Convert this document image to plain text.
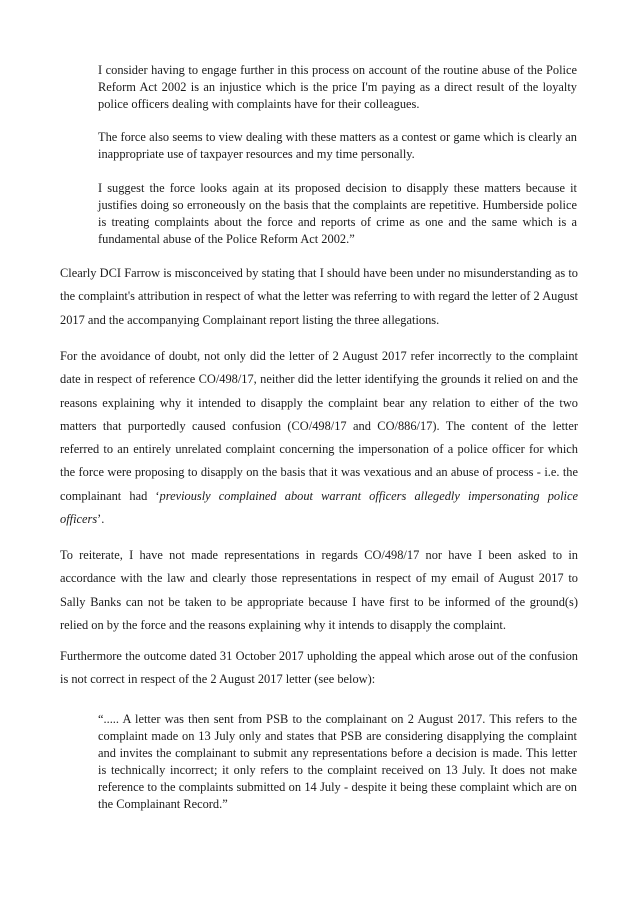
I consider having to engage further in this process on account of the routine abuse of the Police Reform Act 2002 is an injustice which is the price I'm paying as a direct result of the loyalty police officers dealing with complaints have for their colleagues.

The force also seems to view dealing with these matters as a contest or game which is clearly an inappropriate use of taxpayer resources and my time personally.

I suggest the force looks again at its proposed decision to disapply these matters because it justifies doing so erroneously on the basis that the complaints are repetitive. Humberside police is treating complaints about the force and reports of crime as one and the same which is a fundamental abuse of the Police Reform Act 2002.”

Clearly DCI Farrow is misconceived by stating that I should have been under no misunderstanding as to the complaint's attribution in respect of what the letter was referring to with regard the letter of 2 August 2017 and the accompanying Complainant report listing the three allegations.

For the avoidance of doubt, not only did the letter of 2 August 2017 refer incorrectly to the complaint date in respect of reference CO/498/17, neither did the letter identifying the grounds it relied on and the reasons explaining why it intended to disapply the complaint bear any relation to either of the two matters that purportedly caused confusion (CO/498/17 and CO/886/17). The content of the letter referred to an entirely unrelated complaint concerning the impersonation of a police officer for which the force were proposing to disapply on the basis that it was vexatious and an abuse of process - i.e. the complainant had ‘previously complained about warrant officers allegedly impersonating police officers’.

To reiterate, I have not made representations in regards CO/498/17 nor have I been asked to in accordance with the law and clearly those representations in respect of my email of August 2017 to Sally Banks can not be taken to be appropriate because I have first to be informed of the ground(s) relied on by the force and the reasons explaining why it intends to disapply the complaint.

Furthermore the outcome dated 31 October 2017 upholding the appeal which arose out of the confusion is not correct in respect of the 2 August 2017 letter (see below):

“..... A letter was then sent from PSB to the complainant on 2 August 2017. This refers to the complaint made on 13 July only and states that PSB are considering disapplying the complaint and invites the complainant to submit any representations before a decision is made. This letter is technically incorrect; it only refers to the complaint received on 13 July. It does not make reference to the complaints submitted on 14 July - despite it being these complaint which are on the Complainant Record.”
